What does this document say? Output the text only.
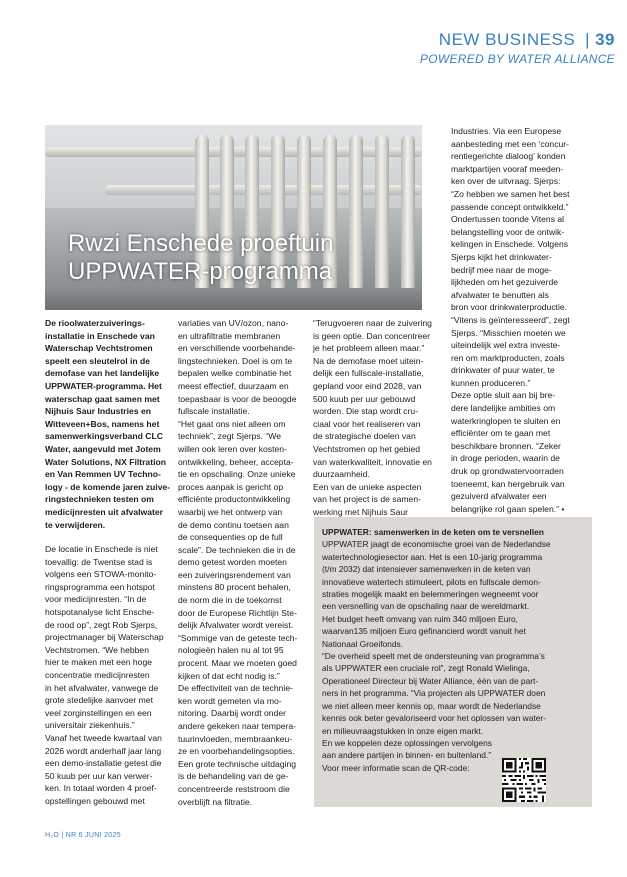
NEW BUSINESS | 39
POWERED BY WATER ALLIANCE
Rwzi Enschede proeftuin
UPPWATER-programma

De rioolwaterzuiverings-

installatie in Enschede van

Waterschap Vechtstromen

speelt een sleutelrol in de

demofase van het landelijke

UPPWATER-programma. Het

waterschap gaat samen met

Nijhuis Saur Industries en

Witteveen+Bos, namens het

samenwerkingsverband CLC

Water, aangevuld met Jotem

Water Solutions, NX Filtration

en Van Remmen UV Techno-

logy - de komende jaren zuive-

ringstechnieken testen om

medicijnresten uit afvalwater

te verwijderen.

De locatie in Enschede is niet

toevallig: de Twentse stad is

volgens een STOWA-monito-

ringsprogramma een hotspot

voor medicijnresten. “In de

hotspotanalyse licht Ensche-

de rood op”, zegt Rob Sjerps,

projectmanager bij Waterschap

Vechtstromen. “We hebben

hier te maken met een hoge

concentratie medicijnresten

in het afvalwater, vanwege de

grote stedelijke aanvoer met

veel zorginstellingen en een

universitair ziekenhuis.”

Vanaf het tweede kwartaal van

2026 wordt anderhalf jaar lang

een demo-installatie getest die

50 kuub per uur kan verwer-

ken. In totaal worden 4 proef-

opstellingen gebouwd met

variaties van UV/ozon, nano-

en ultrafiltratie membranen

en verschillende voorbehande-

lingstechnieken. Doel is om te

bepalen welke combinatie het

meest effectief, duurzaam en

toepasbaar is voor de beoogde

fullscale installatie.

“Het gaat ons niet alleen om

techniek”, zegt Sjerps. “We

willen ook leren over kosten-

ontwikkeling, beheer, accepta-

tie en opschaling. Onze unieke

proces aanpak is gericht op

efficiënte productontwikkeling

waarbij we het ontwerp van

de demo continu toetsen aan

de consequenties op de full

scale”. De technieken die in de

demo getest worden moeten

een zuiveringsrendement van

minstens 80 procent behalen,

de norm die in de toekomst

door de Europese Richtlijn Ste-

delijk Afvalwater wordt vereist.

“Sommige van de geteste tech-

nologieën halen nu al tot 95

procent. Maar we moeten goed

kijken of dat echt nodig is.”

De effectiviteit van de technie-

ken wordt gemeten via mo-

nitoring. Daarbij wordt onder

andere gekeken naar tempera-

tuurinvloeden, membraankeu-

ze en voorbehandelingsopties.

Een grote technische uitdaging

is de behandeling van de ge-

concentreerde reststroom die

overblijft na filtratie.

“Terugvoeren naar de zuivering

is geen optie. Dan concentreer

je het probleem alleen maar.”

Na de demofase moet uitein-

delijk een fullscale-installatie,

gepland voor eind 2028, van

500 kuub per uur gebouwd

worden. Die stap wordt cru-

ciaal voor het realiseren van

de strategische doelen van

Vechtstromen op het gebied

van waterkwaliteit, innovatie en

duurzaamheid.

Een van de unieke aspecten

van het project is de samen-

werking met Nijhuis Saur

Industries. Via een Europese

aanbesteding met een ‘concur-

rentiegerichte dialoog’ konden

marktpartijen vooraf meeden-

ken over de uitvraag. Sjerps:

“Zo hebben we samen het best

passende concept ontwikkeld.”

Ondertussen toonde Vitens al

belangstelling voor de ontwik-

kelingen in Enschede. Volgens

Sjerps kijkt het drinkwater-

bedrijf mee naar de moge-

lijkheden om het gezuiverde

afvalwater te benutten als

bron voor drinkwaterproductie.

“Vitens is geïnteresseerd”, zegt

Sjerps. “Misschien moeten we

uiteindelijk wel extra investe-

ren om marktproducten, zoals

drinkwater of puur water, te

kunnen produceren.”

Deze optie sluit aan bij bre-

dere landelijke ambities om

waterkringlopen te sluiten en

efficiënter om te gaan met

beschikbare bronnen. “Zeker

in droge perioden, waarin de

druk op grondwatervoorraden

toeneemt, kan hergebruik van

gezuiverd afvalwater een

belangrijke rol gaan spelen.” •

UPPWATER: samenwerken in de keten om te versnellen

UPPWATER jaagt de economische groei van de Nederlandse

watertechnologiesector aan. Het is een 10-jarig programma

(t/m 2032) dat intensiever samenwerken in de keten van

innovatieve watertech stimuleert, pilots en fullscale demon-

straties mogelijk maakt en belemmeringen wegneemt voor

een versnelling van de opschaling naar de wereldmarkt.

Het budget heeft omvang van ruim 340 miljoen Euro,

waarvan135 miljoen Euro gefinancierd wordt vanuit het

Nationaal Groeifonds.

“De overheid speelt met de ondersteuning van programma’s

als UPPWATER een cruciale rol”, zegt Ronald Wielinga,

Operationeel Directeur bij Water Alliance, één van de part-

ners in het programma. “Via projecten als UPPWATER doen

we niet alleen meer kennis op, maar wordt de Nederlandse

kennis ook beter gevaloriseerd voor het oplossen van water-

en milieuvraagstukken in onze eigen markt.

En we koppelen deze oplossingen vervolgens

aan andere partijen in binnen- en buitenland.”

Voor meer informatie scan de QR-code:

H₂O | NR 6 JUNI 2025
